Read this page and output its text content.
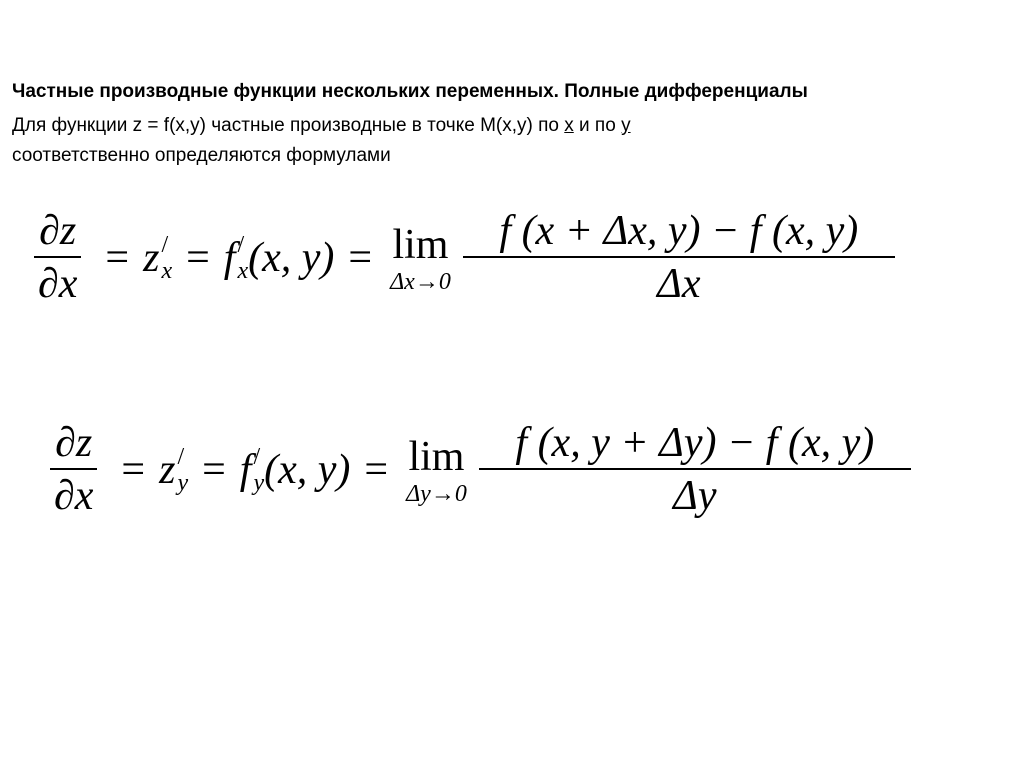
Частные производные функции нескольких переменных. Полные дифференциалы
Для функции z = f(x,y) частные производные в точке M(x,y) по x и по y
соответственно определяются формулами
$\frac{\partial z}{\partial x} = z$ /
x = f /
x (x, y) = lim
$\Delta x\to 0 \frac{f (x + \Delta x, y) - f (x, y)}{\Delta x}$
$\frac{\partial z}{\partial x} = z$ /
y = f /
y (x, y) = lim
$\Delta y\to 0 \frac{f (x, y + \Delta y) - f (x, y)}{\Delta y}$
